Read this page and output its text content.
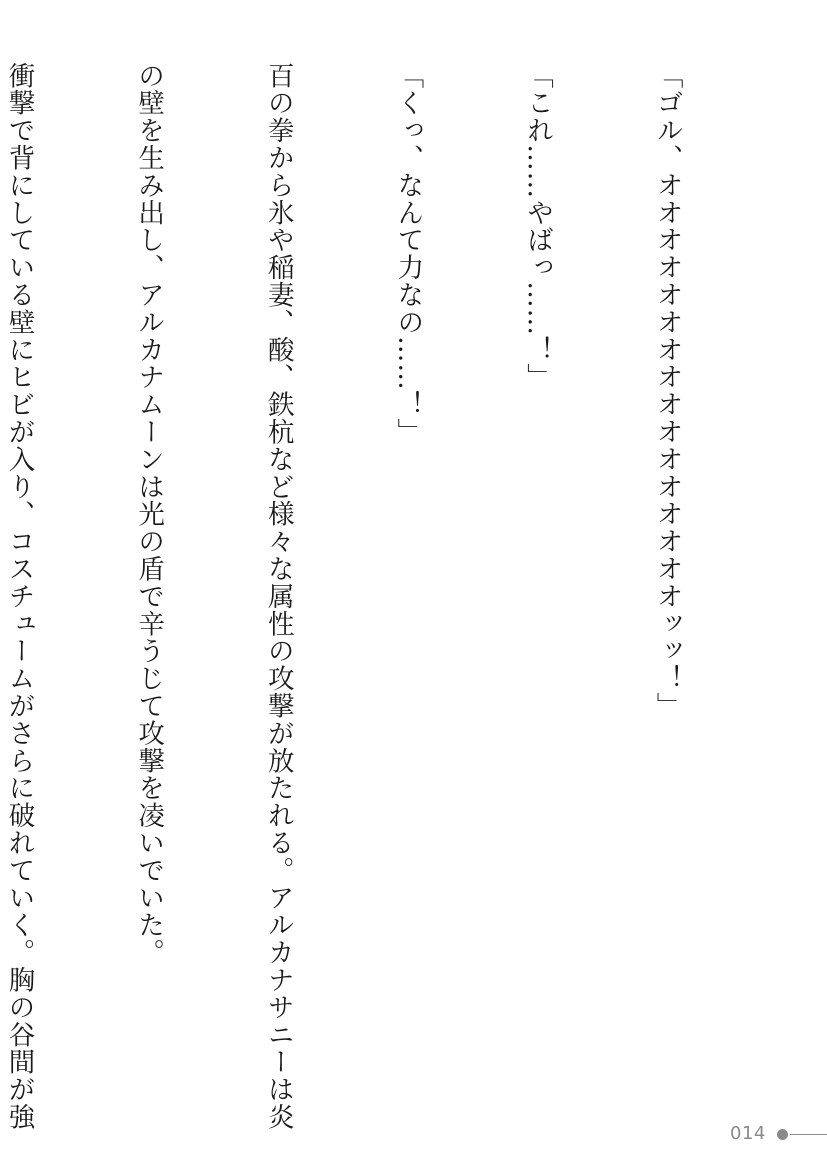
「ゴル、オオオオオオオオオオオオオオオオッッ！」

「これ……やばっ……！」

「くっ、なんて力なの……！」

百の拳から氷や稲妻、酸、鉄杭など様々な属性の攻撃が放たれる。アルカナサニーは炎

の壁を生み出し、アルカナムーンは光の盾で辛うじて攻撃を凌いでいた。

衝撃で背にしている壁にヒビが入り、コスチュームがさらに破れていく。胸の谷間が強

014
